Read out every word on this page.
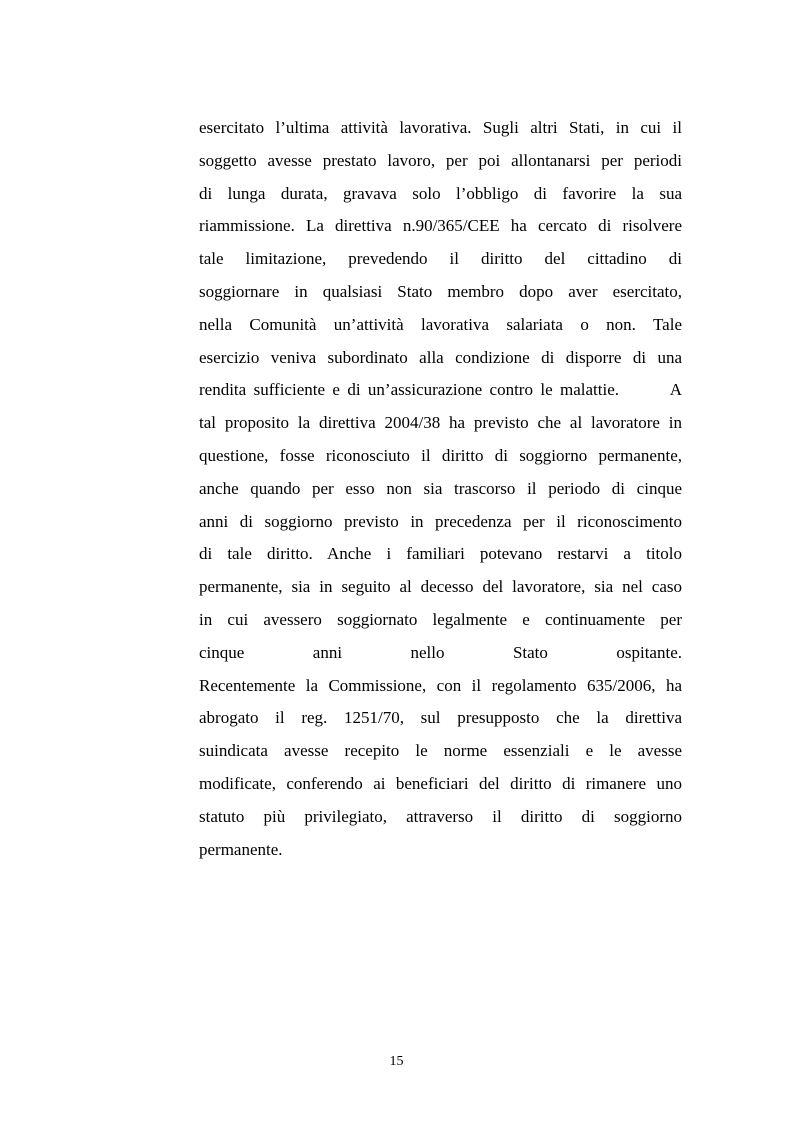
esercitato l’ultima attività lavorativa. Sugli altri Stati, in cui il
soggetto avesse prestato lavoro, per poi allontanarsi per periodi
di lunga durata, gravava solo l’obbligo di favorire la sua
riammissione. La direttiva n.90/365/CEE ha cercato di risolvere
tale limitazione, prevedendo il diritto del cittadino di
soggiornare in qualsiasi Stato membro dopo aver esercitato,
nella Comunità un’attività lavorativa salariata o non. Tale
esercizio veniva subordinato alla condizione di disporre di una
rendita sufficiente e di un’assicurazione contro le malattie.       A
tal proposito la direttiva 2004/38 ha previsto che al lavoratore in
questione, fosse riconosciuto il diritto di soggiorno permanente,
anche quando per esso non sia trascorso il periodo di cinque
anni di soggiorno previsto in precedenza per il riconoscimento
di tale diritto. Anche i familiari potevano restarvi a titolo
permanente, sia in seguito al decesso del lavoratore, sia nel caso
in cui avessero soggiornato legalmente e continuamente per
cinque anni nello Stato ospitante.
Recentemente la Commissione, con il regolamento 635/2006, ha
abrogato il reg. 1251/70, sul presupposto che la direttiva
suindicata avesse recepito le norme essenziali e le avesse
modificate, conferendo ai beneficiari del diritto di rimanere uno
statuto più privilegiato, attraverso il diritto di soggiorno
permanente.
15
